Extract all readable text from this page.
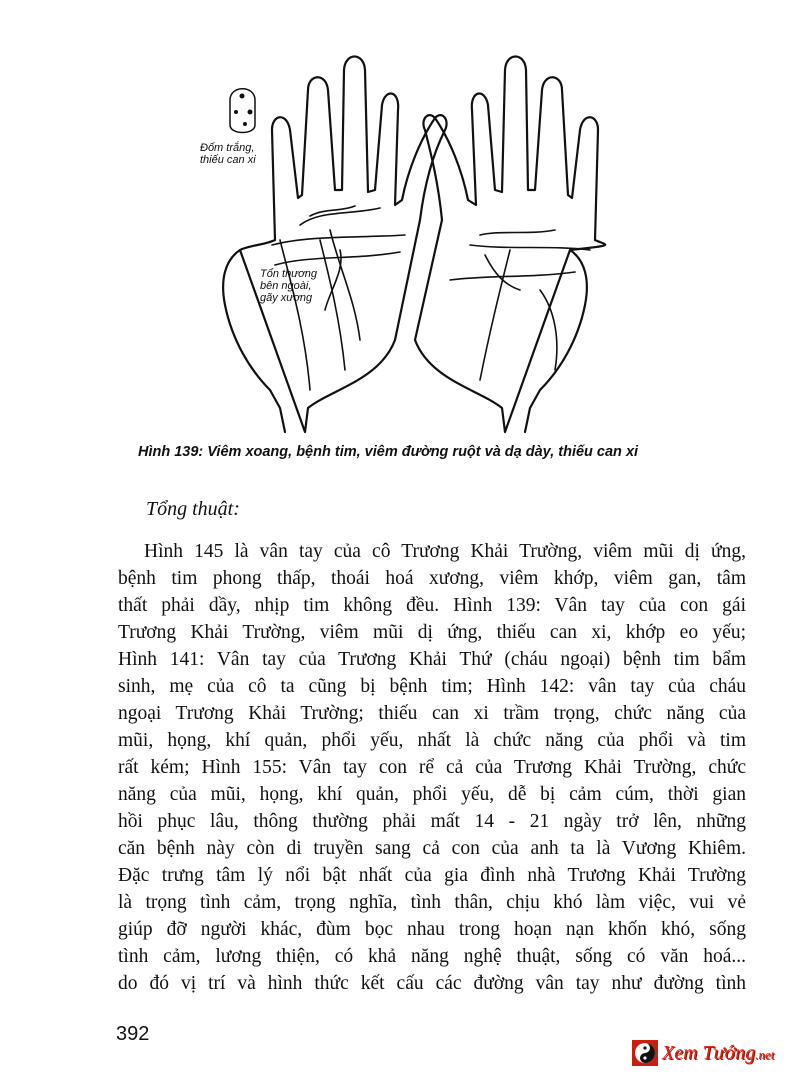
Đốm trắng, thiếu can xi
Tổn thương bên ngoài, gãy xương
Hình 139: Viêm xoang, bệnh tim, viêm đường ruột và dạ dày, thiếu can xi
Tổng thuật:
Hình 145 là vân tay của cô Trương Khải Trường, viêm mũi dị ứng,
bệnh tim phong thấp, thoái hoá xương, viêm khớp, viêm gan, tâm
thất phải dầy, nhịp tim không đều. Hình 139: Vân tay của con gái
Trương Khải Trường, viêm mũi dị ứng, thiếu can xi, khớp eo yếu;
Hình 141: Vân tay của Trương Khải Thứ (cháu ngoại) bệnh tim bẩm
sinh, mẹ của cô ta cũng bị bệnh tim; Hình 142: vân tay của cháu
ngoại Trương Khải Trường; thiếu can xi trầm trọng, chức năng của
mũi, họng, khí quản, phổi yếu, nhất là chức năng của phổi và tim
rất kém; Hình 155: Vân tay con rể cả của Trương Khải Trường, chức
năng của mũi, họng, khí quản, phổi yếu, dễ bị cảm cúm, thời gian
hồi phục lâu, thông thường phải mất 14 - 21 ngày trở lên, những
căn bệnh này còn di truyền sang cả con của anh ta là Vương Khiêm.
Đặc trưng tâm lý nổi bật nhất của gia đình nhà Trương Khải Trường
là trọng tình cảm, trọng nghĩa, tình thân, chịu khó làm việc, vui vẻ
giúp đỡ người khác, đùm bọc nhau trong hoạn nạn khốn khó, sống
tình cảm, lương thiện, có khả năng nghệ thuật, sống có văn hoá...
do đó vị trí và hình thức kết cấu các đường vân tay như đường tình
392
Xem Tướng.net
